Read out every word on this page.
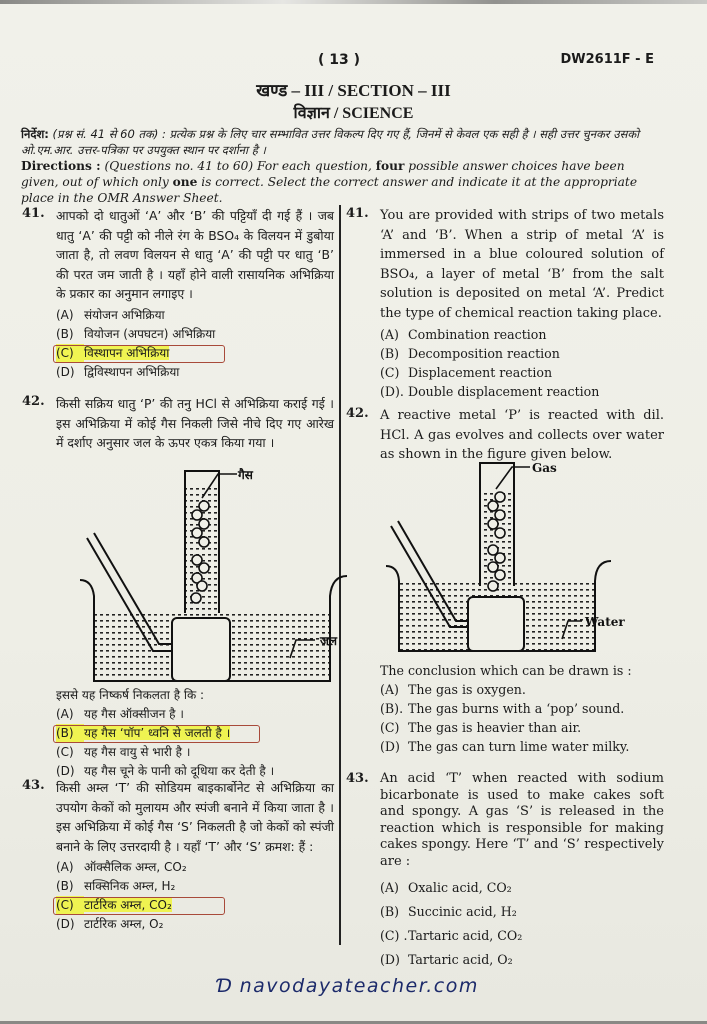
( 13 )	DW2611F - E
खण्ड – III / SECTION – III
विज्ञान / SCIENCE
निर्देश: (प्रश्न सं. 41 से 60 तक) : प्रत्येक प्रश्न के लिए चार सम्भावित उत्तर विकल्प दिए गए हैं, जिनमें से केवल एक सही है । सही उत्तर चुनकर उसको ओ.एम.आर. उत्तर-पत्रिका पर उपयुक्त स्थान पर दर्शाना है ।
Directions : (Questions no. 41 to 60) For each question, four possible answer choices have been given, out of which only one is correct. Select the correct answer and indicate it at the appropriate place in the OMR Answer Sheet.
41. आपको दो धातुओं ‘A’ और ‘B’ की पट्टियाँ दी गई हैं । जब धातु ‘A’ की पट्टी को नीले रंग के BSO₄ के विलयन में डुबोया जाता है, तो लवण विलयन से धातु ‘A’ की पट्टी पर धातु ‘B’ की परत जम जाती है । यहाँ होने वाली रासायनिक अभिक्रिया के प्रकार का अनुमान लगाइए ।
(A) संयोजन अभिक्रिया
(B) वियोजन (अपघटन) अभिक्रिया
(C) विस्थापन अभिक्रिया
(D) द्विविस्थापन अभिक्रिया
42. किसी सक्रिय धातु ‘P’ की तनु HCl से अभिक्रिया कराई गई । इस अभिक्रिया में कोई गैस निकली जिसे नीचे दिए गए आरेख में दर्शाए अनुसार जल के ऊपर एकत्र किया गया ।
गैस
जल
इससे यह निष्कर्ष निकलता है कि :
(A) यह गैस ऑक्सीजन है ।
(B) यह गैस ‘पॉप’ ध्वनि से जलती है ।
(C) यह गैस वायु से भारी है ।
(D) यह गैस चूने के पानी को दूधिया कर देती है ।
43. किसी अम्ल ‘T’ की सोडियम बाइकार्बोनेट से अभिक्रिया का उपयोग केकों को मुलायम और स्पंजी बनाने में किया जाता है । इस अभिक्रिया में कोई गैस ‘S’ निकलती है जो केकों को स्पंजी बनाने के लिए उत्तरदायी है । यहाँ ‘T’ और ‘S’ क्रमश: हैं :
(A) ऑक्सैलिक अम्ल, CO₂
(B) सक्सिनिक अम्ल, H₂
(C) टार्टरिक अम्ल, CO₂
(D) टार्टरिक अम्ल, O₂
41. You are provided with strips of two metals ‘A’ and ‘B’. When a strip of metal ‘A’ is immersed in a blue coloured solution of BSO₄, a layer of metal ‘B’ from the salt solution is deposited on metal ‘A’. Predict the type of chemical reaction taking place.
(A) Combination reaction
(B) Decomposition reaction
(C) Displacement reaction
(D). Double displacement reaction
42. A reactive metal ‘P’ is reacted with dil. HCl. A gas evolves and collects over water as shown in the figure given below.
Gas
Water
The conclusion which can be drawn is :
(A) The gas is oxygen.
(B). The gas burns with a ‘pop’ sound.
(C) The gas is heavier than air.
(D) The gas can turn lime water milky.
43. An acid ‘T’ when reacted with sodium bicarbonate is used to make cakes soft and spongy. A gas ‘S’ is released in the reaction which is responsible for making cakes spongy. Here ‘T’ and ‘S’ respectively are :
(A) Oxalic acid, CO₂
(B) Succinic acid, H₂
(C) .Tartaric acid, CO₂
(D) Tartaric acid, O₂
Ɗ navodayateacher.com
